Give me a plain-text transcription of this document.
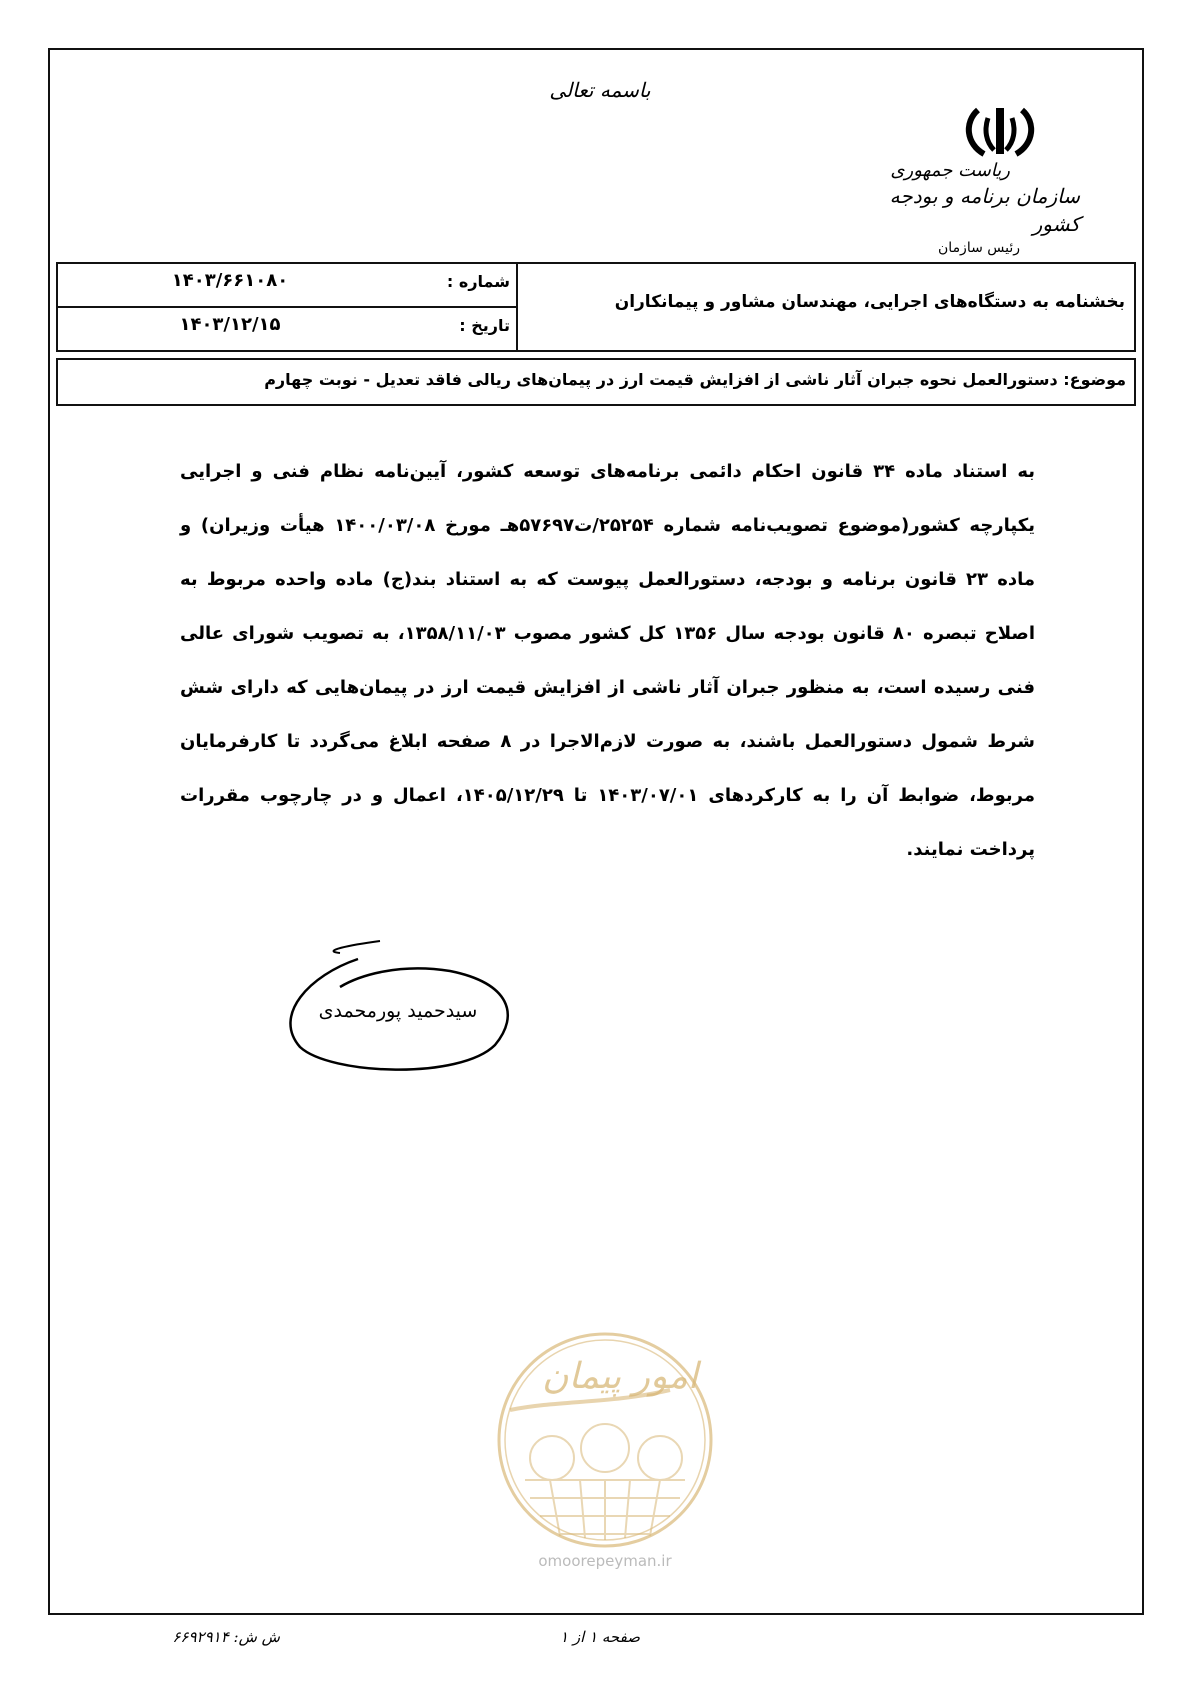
باسمه تعالی
ریاست جمهوری
سازمان برنامه و بودجه کشور
رئیس سازمان
شماره :
۱۴۰۳/۶۶۱۰۸۰
تاریخ :
۱۴۰۳/۱۲/۱۵
بخشنامه به دستگاه‌های اجرایی، مهندسان مشاور و پیمانکاران
موضوع: دستورالعمل نحوه جبران آثار ناشی از افزایش قیمت ارز در پیمان‌های ریالی فاقد تعدیل - نوبت چهارم
به استناد ماده ۳۴ قانون احکام دائمی برنامه‌های توسعه کشور، آیین‌نامه نظام فنی و اجرایی یکپارچه کشور(موضوع تصویب‌نامه شماره ۲۵۲۵۴/ت۵۷۶۹۷هـ مورخ ۱۴۰۰/۰۳/۰۸ هیأت وزیران) و ماده ۲۳ قانون برنامه و بودجه، دستورالعمل پیوست که به استناد بند(ج) ماده واحده مربوط به اصلاح تبصره ۸۰ قانون بودجه سال ۱۳۵۶ کل کشور مصوب ۱۳۵۸/۱۱/۰۳، به تصویب شورای عالی فنی رسیده است، به منظور جبران آثار ناشی از افزایش قیمت ارز در پیمان‌هایی که دارای شش شرط شمول دستورالعمل باشند، به صورت لازم‌الاجرا در ۸ صفحه ابلاغ می‌گردد تا کارفرمایان مربوط، ضوابط آن را به کارکردهای ۱۴۰۳/۰۷/۰۱ تا ۱۴۰۵/۱۲/۲۹، اعمال و در چارچوب مقررات پرداخت نمایند.
سیدحمید پورمحمدی
امور پیمان
omoorepeyman.ir
ش ش: ۶۶۹۲۹۱۴	صفحه ۱ از ۱
